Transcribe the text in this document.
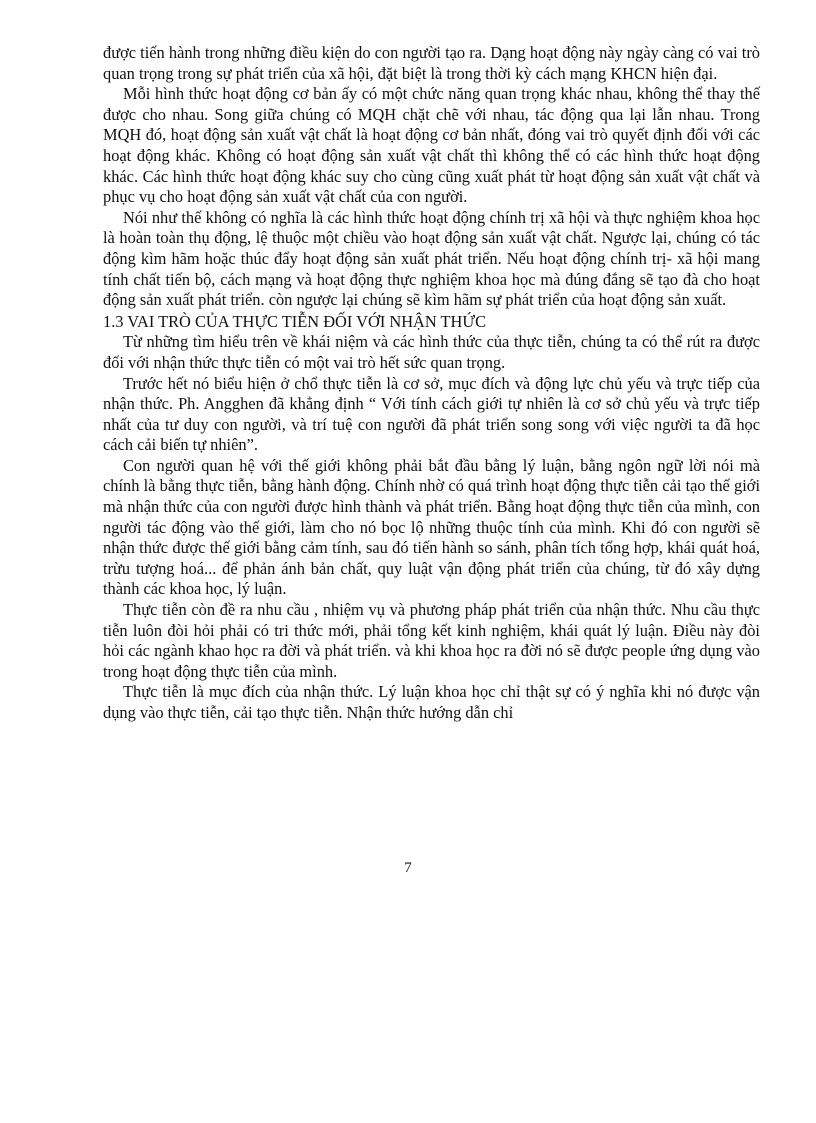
được tiến hành trong những điều kiện do con người tạo ra. Dạng hoạt động này ngày càng có vai trò quan trọng trong sự phát triển của xã hội, đặt biệt là trong thời kỳ cách mạng KHCN hiện đại.

Mỗi hình thức hoạt động cơ bản ấy có một chức năng quan trọng khác nhau, không thể thay thế được cho nhau. Song giữa chúng có MQH chặt chẽ với nhau, tác động qua lại lẫn nhau. Trong MQH đó, hoạt động sản xuất vật chất là hoạt động cơ bản nhất, đóng vai trò quyết định đối với các hoạt động khác. Không có hoạt động sản xuất vật chất thì không thể có các hình thức hoạt động khác. Các hình thức hoạt động khác suy cho cùng cũng xuất phát từ hoạt động sản xuất vật chất và phục vụ cho hoạt động sản xuất vật chất của con người.

Nói như thế không có nghĩa là các hình thức hoạt động chính trị xã hội và thực nghiệm khoa học là hoàn toàn thụ động, lệ thuộc một chiều vào hoạt động sản xuất vật chất. Ngược lại, chúng có tác động kìm hãm hoặc thúc đẩy hoạt động sản xuất phát triển. Nếu hoạt động chính trị- xã hội mang tính chất tiến bộ, cách mạng và hoạt động thực nghiệm khoa học mà đúng đắng sẽ tạo đà cho hoạt động sản xuất phát triển. còn ngược lại chúng sẽ kìm hãm sự phát triển của hoạt động sản xuất.

1.3 VAI TRÒ CỦA THỰC TIỄN ĐỐI VỚI NHẬN THỨC

Từ những tìm hiểu trên về khái niệm và các hình thức của thực tiễn, chúng ta có thể rút ra được đối với nhận thức thực tiễn có một vai trò hết sức quan trọng.

Trước hết nó biểu hiện ở chổ thực tiễn là cơ sở, mục đích và động lực chủ yếu và trực tiếp của nhận thức. Ph. Angghen đã khẳng định “ Với tính cách giới tự nhiên là cơ sở chủ yếu và trực tiếp nhất của tư duy con người, và trí tuệ con người đã phát triển song song với việc người ta đã học cách cải biến tự nhiên”.

Con người quan hệ với thế giới không phải bắt đầu bằng lý luận, bằng ngôn ngữ lời nói mà chính là bằng thực tiễn, bằng hành động. Chính nhờ có quá trình hoạt động thực tiễn cải tạo thế giới mà nhận thức của con người được hình thành và phát triển. Bằng hoạt động thực tiễn của mình, con người tác động vào thế giới, làm cho nó bọc lộ những thuộc tính của mình. Khi đó con người sẽ nhận thức được thế giới bằng cảm tính, sau đó tiến hành so sánh, phân tích tổng hợp, khái quát hoá, trừu tượng hoá... để phản ánh bản chất, quy luật vận động phát triển của chúng, từ đó xây dựng thành các khoa học, lý luận.

Thực tiễn còn đề ra nhu cầu , nhiệm vụ và phương pháp phát triển của nhận thức. Nhu cầu thực tiễn luôn đòi hỏi phải có tri thức mới, phải tổng kết kinh nghiệm, khái quát lý luận. Điều này đòi hỏi các ngành khao học ra đời và phát triển. và khi khoa học ra đời nó sẽ được people ứng dụng vào trong hoạt động thực tiễn của mình.

Thực tiễn là mục đích của nhận thức. Lý luận khoa học chỉ thật sự có ý nghĩa khi nó được vận dụng vào thực tiễn, cải tạo thực tiễn. Nhận thức hướng dẫn chỉ

7
